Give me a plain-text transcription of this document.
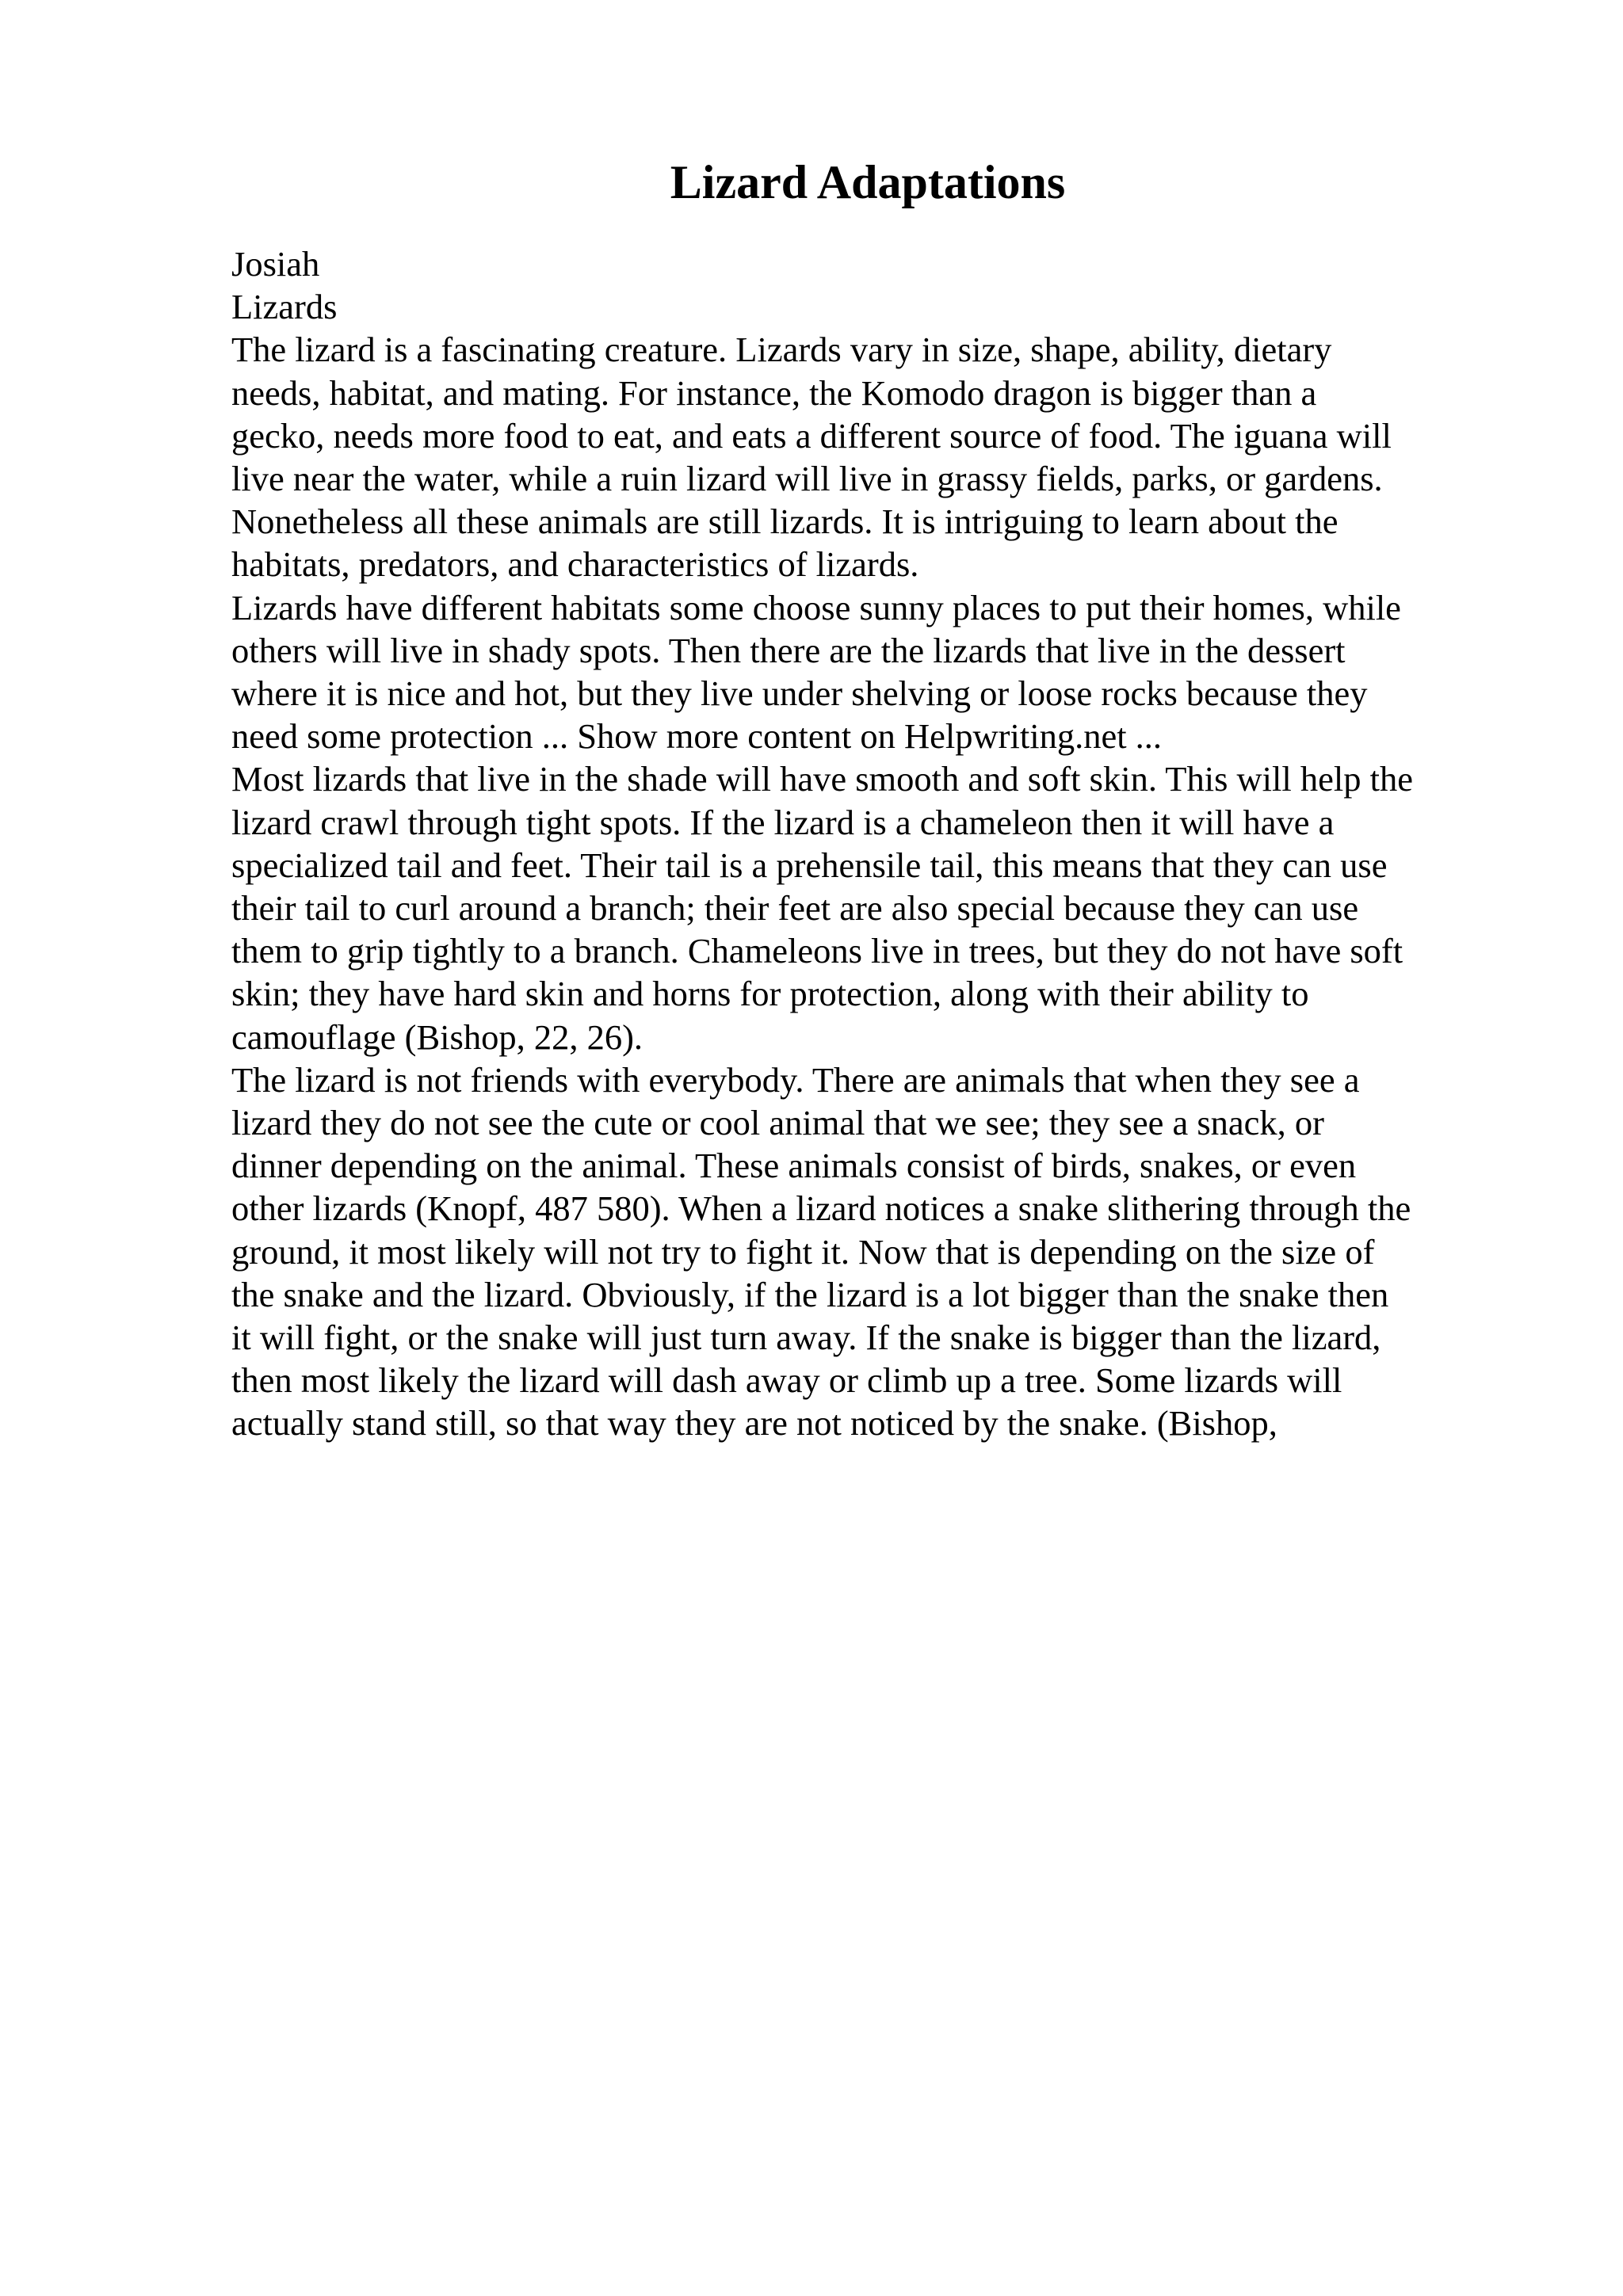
Lizard Adaptations
Josiah
Lizards
The lizard is a fascinating creature. Lizards vary in size, shape, ability, dietary
needs, habitat, and mating. For instance, the Komodo dragon is bigger than a
gecko, needs more food to eat, and eats a different source of food. The iguana will
live near the water, while a ruin lizard will live in grassy fields, parks, or gardens.
Nonetheless all these animals are still lizards. It is intriguing to learn about the
habitats, predators, and characteristics of lizards.
Lizards have different habitats some choose sunny places to put their homes, while
others will live in shady spots. Then there are the lizards that live in the dessert
where it is nice and hot, but they live under shelving or loose rocks because they
need some protection ... Show more content on Helpwriting.net ...
Most lizards that live in the shade will have smooth and soft skin. This will help the
lizard crawl through tight spots. If the lizard is a chameleon then it will have a
specialized tail and feet. Their tail is a prehensile tail, this means that they can use
their tail to curl around a branch; their feet are also special because they can use
them to grip tightly to a branch. Chameleons live in trees, but they do not have soft
skin; they have hard skin and horns for protection, along with their ability to
camouflage (Bishop, 22, 26).
The lizard is not friends with everybody. There are animals that when they see a
lizard they do not see the cute or cool animal that we see; they see a snack, or
dinner depending on the animal. These animals consist of birds, snakes, or even
other lizards (Knopf, 487 580). When a lizard notices a snake slithering through the
ground, it most likely will not try to fight it. Now that is depending on the size of
the snake and the lizard. Obviously, if the lizard is a lot bigger than the snake then
it will fight, or the snake will just turn away. If the snake is bigger than the lizard,
then most likely the lizard will dash away or climb up a tree. Some lizards will
actually stand still, so that way they are not noticed by the snake. (Bishop,
